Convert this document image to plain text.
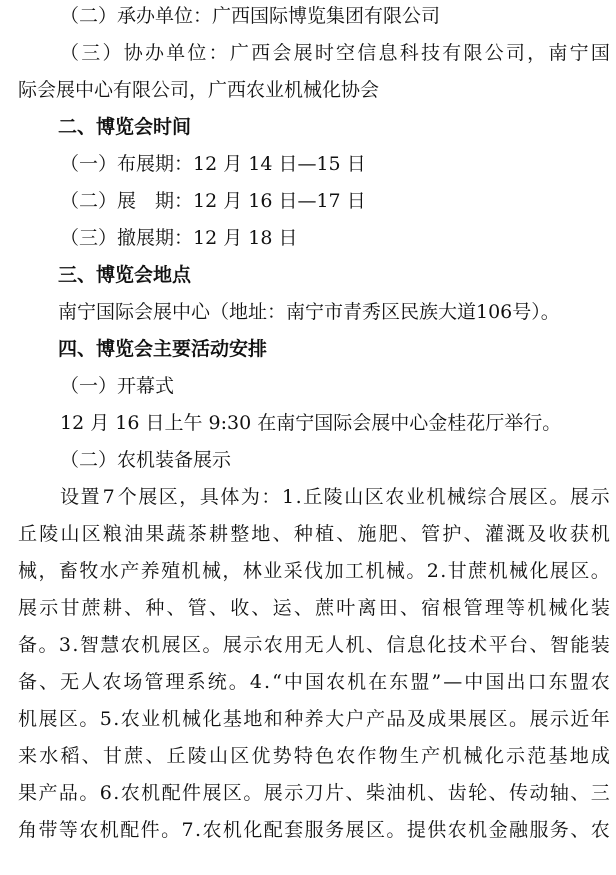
（二）承办单位：广西国际博览集团有限公司
（ 三 ） 协 办 单 位 ： 广 西 会 展 时 空 信 息 科 技 有 限 公 司 ， 南 宁 国
际会展中心有限公司，广西农业机械化协会
二、博览会时间
（一）布展期：12 月 14 日—15 日
（二）展　期：12 月 16 日—17 日
（三）撤展期：12 月 18 日
三、博览会地点
南宁国际会展中心（地址：南宁市青秀区民族大道106号）。
四、博览会主要活动安排
（一）开幕式
12 月 16 日上午 9:30 在南宁国际会展中心金桂花厅举行。
（二）农机装备展示
设 置 7 个 展 区 ， 具 体 为 ： 1 . 丘 陵 山 区 农 业 机 械 综 合 展 区 。 展 示
丘 陵 山 区 粮 油 果 蔬 茶 耕 整 地 、 种 植 、 施 肥 、 管 护 、 灌 溉 及 收 获 机
械 ， 畜 牧 水 产 养 殖 机 械 ， 林 业 采 伐 加 工 机 械 。 2 . 甘 蔗 机 械 化 展 区 。
展 示 甘 蔗 耕 、 种 、 管 、 收 、 运 、 蔗 叶 离 田 、 宿 根 管 理 等 机 械 化 装
备 。 3 . 智 慧 农 机 展 区 。 展 示 农 用 无 人 机 、 信 息 化 技 术 平 台 、 智 能 装
备 、 无 人 农 场 管 理 系 统 。 4 . “ 中 国 农 机 在 东 盟 ” — 中 国 出 口 东 盟 农
机 展 区 。 5 . 农 业 机 械 化 基 地 和 种 养 大 户 产 品 及 成 果 展 区 。 展 示 近 年
来 水 稻 、 甘 蔗 、 丘 陵 山 区 优 势 特 色 农 作 物 生 产 机 械 化 示 范 基 地 成
果 产 品 。 6 . 农 机 配 件 展 区 。 展 示 刀 片 、 柴 油 机 、 齿 轮 、 传 动 轴 、 三
角 带 等 农 机 配 件 。 7 . 农 机 化 配 套 服 务 展 区 。 提 供 农 机 金 融 服 务 、 农
